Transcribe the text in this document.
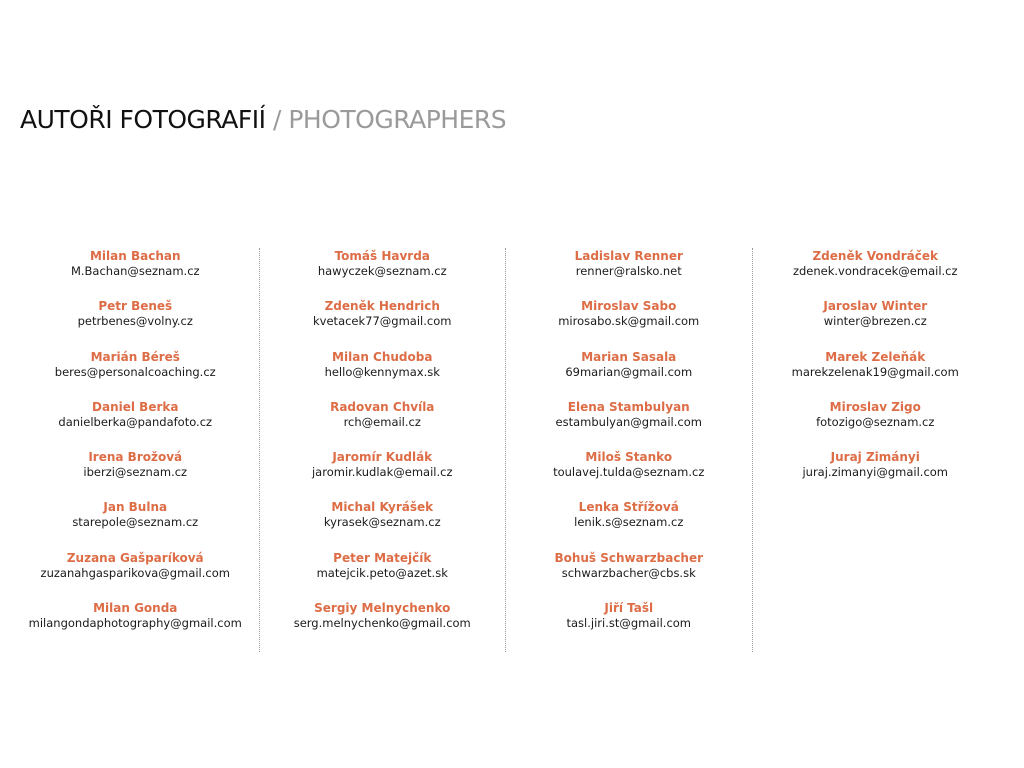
AUTOŘI FOTOGRAFIÍ / PHOTOGRAPHERS
Milan Bachan
M.Bachan@seznam.cz
Petr Beneš
petrbenes@volny.cz
Marián Béreš
beres@personalcoaching.cz
Daniel Berka
danielberka@pandafoto.cz
Irena Brožová
iberzi@seznam.cz
Jan Bulna
starepole@seznam.cz
Zuzana Gašparíková
zuzanahgasparikova@gmail.com
Milan Gonda
milangondaphotography@gmail.com
Tomáš Havrda
hawyczek@seznam.cz
Zdeněk Hendrich
kvetacek77@gmail.com
Milan Chudoba
hello@kennymax.sk
Radovan Chvíla
rch@email.cz
Jaromír Kudlák
jaromir.kudlak@email.cz
Michal Kyrášek
kyrasek@seznam.cz
Peter Matejčík
matejcik.peto@azet.sk
Sergiy Melnychenko
serg.melnychenko@gmail.com
Ladislav Renner
renner@ralsko.net
Miroslav Sabo
mirosabo.sk@gmail.com
Marian Sasala
69marian@gmail.com
Elena Stambulyan
estambulyan@gmail.com
Miloš Stanko
toulavej.tulda@seznam.cz
Lenka Střížová
lenik.s@seznam.cz
Bohuš Schwarzbacher
schwarzbacher@cbs.sk
Jiří Tašl
tasl.jiri.st@gmail.com
Zdeněk Vondráček
zdenek.vondracek@email.cz
Jaroslav Winter
winter@brezen.cz
Marek Zeleňák
marekzelenak19@gmail.com
Miroslav Zigo
fotozigo@seznam.cz
Juraj Zimányi
juraj.zimanyi@gmail.com
